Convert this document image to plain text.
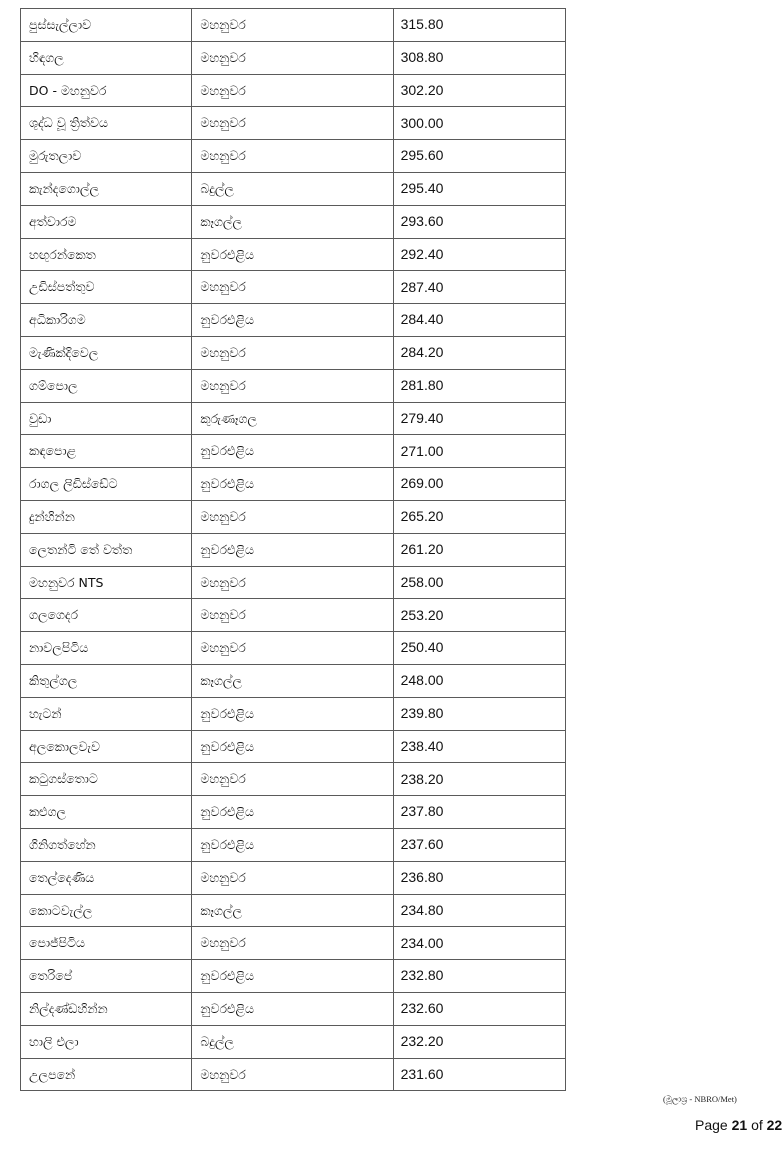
පුස්සැල්ලාව	මහනුවර	315.80
හිඳගල	මහනුවර	308.80
DO - මහනුවර	මහනුවර	302.20
ශුද්ධ වූ ත්‍රිත්වය	මහනුවර	300.00
මුරුතලාව	මහනුවර	295.60
කැන්දගොල්ල	බදුල්ල	295.40
අත්වාරම	කෑගල්ල	293.60
හඟුරන්කෙත	නුවරඑළිය	292.40
උඩිස්පත්තුව	මහනුවර	287.40
අධිකාරිගම	නුවරඑළිය	284.40
මැණික්දිවෙල	මහනුවර	284.20
ගම්පොල	මහනුවර	281.80
වුඩා	කුරුණෑගල	279.40
කඳපොළ	නුවරඑළිය	271.00
රාගල ලිඩිස්ඩේට	නුවරඑළිය	269.00
දුන්හින්න	මහනුවර	265.20
ලෙතන්ටි තේ වත්ත	නුවරඑළිය	261.20
මහනුවර NTS	මහනුවර	258.00
ගලගෙදර	මහනුවර	253.20
නාවලපිටිය	මහනුවර	250.40
කිතුල්ගල	කෑගල්ල	248.00
හැටන්	නුවරඑළිය	239.80
අලකොලවැව	නුවරඑළිය	238.40
කටුගස්තොට	මහනුවර	238.20
කළුගල	නුවරඑළිය	237.80
ගිනිගත්හේන	නුවරඑළිය	237.60
තෙල්දෙණිය	මහනුවර	236.80
කොටවැල්ල	කෑගල්ල	234.80
පොජ්පිටිය	මහනුවර	234.00
තෙරිපේ	නුවරඑළිය	232.80
නිල්දණ්ඩහින්න	නුවරඑළිය	232.60
හාලි එලා	බදුල්ල	232.20
උලපනේ	මහනුවර	231.60
(මූලාශ්‍ර - NBRO/Met)
Page 21 of 22
